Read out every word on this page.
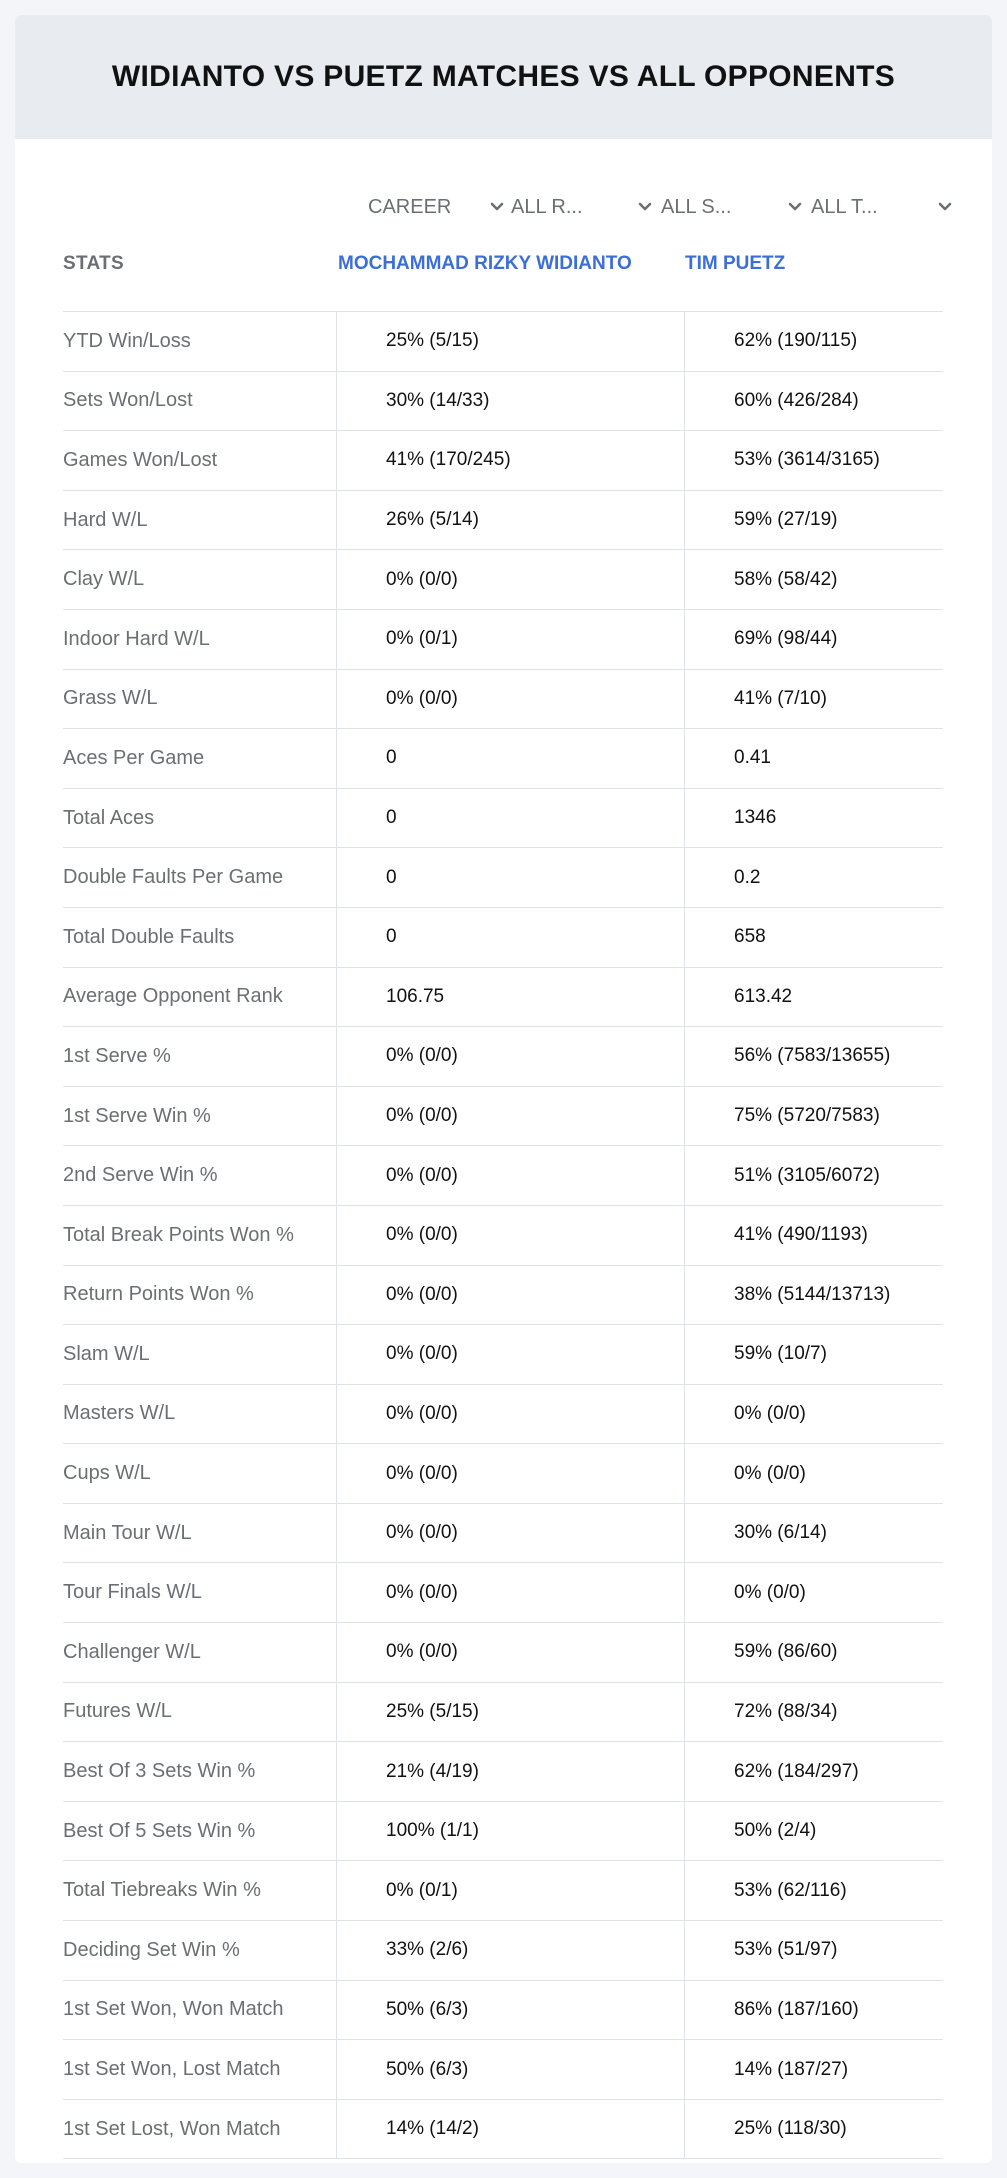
WIDIANTO VS PUETZ MATCHES VS ALL OPPONENTS
CAREER	ALL R...	ALL S...	ALL T...
STATS	MOCHAMMAD RIZKY WIDIANTO	TIM PUETZ
YTD Win/Loss	25% (5/15)	62% (190/115)
Sets Won/Lost	30% (14/33)	60% (426/284)
Games Won/Lost	41% (170/245)	53% (3614/3165)
Hard W/L	26% (5/14)	59% (27/19)
Clay W/L	0% (0/0)	58% (58/42)
Indoor Hard W/L	0% (0/1)	69% (98/44)
Grass W/L	0% (0/0)	41% (7/10)
Aces Per Game	0	0.41
Total Aces	0	1346
Double Faults Per Game	0	0.2
Total Double Faults	0	658
Average Opponent Rank	106.75	613.42
1st Serve %	0% (0/0)	56% (7583/13655)
1st Serve Win %	0% (0/0)	75% (5720/7583)
2nd Serve Win %	0% (0/0)	51% (3105/6072)
Total Break Points Won %	0% (0/0)	41% (490/1193)
Return Points Won %	0% (0/0)	38% (5144/13713)
Slam W/L	0% (0/0)	59% (10/7)
Masters W/L	0% (0/0)	0% (0/0)
Cups W/L	0% (0/0)	0% (0/0)
Main Tour W/L	0% (0/0)	30% (6/14)
Tour Finals W/L	0% (0/0)	0% (0/0)
Challenger W/L	0% (0/0)	59% (86/60)
Futures W/L	25% (5/15)	72% (88/34)
Best Of 3 Sets Win %	21% (4/19)	62% (184/297)
Best Of 5 Sets Win %	100% (1/1)	50% (2/4)
Total Tiebreaks Win %	0% (0/1)	53% (62/116)
Deciding Set Win %	33% (2/6)	53% (51/97)
1st Set Won, Won Match	50% (6/3)	86% (187/160)
1st Set Won, Lost Match	50% (6/3)	14% (187/27)
1st Set Lost, Won Match	14% (14/2)	25% (118/30)
